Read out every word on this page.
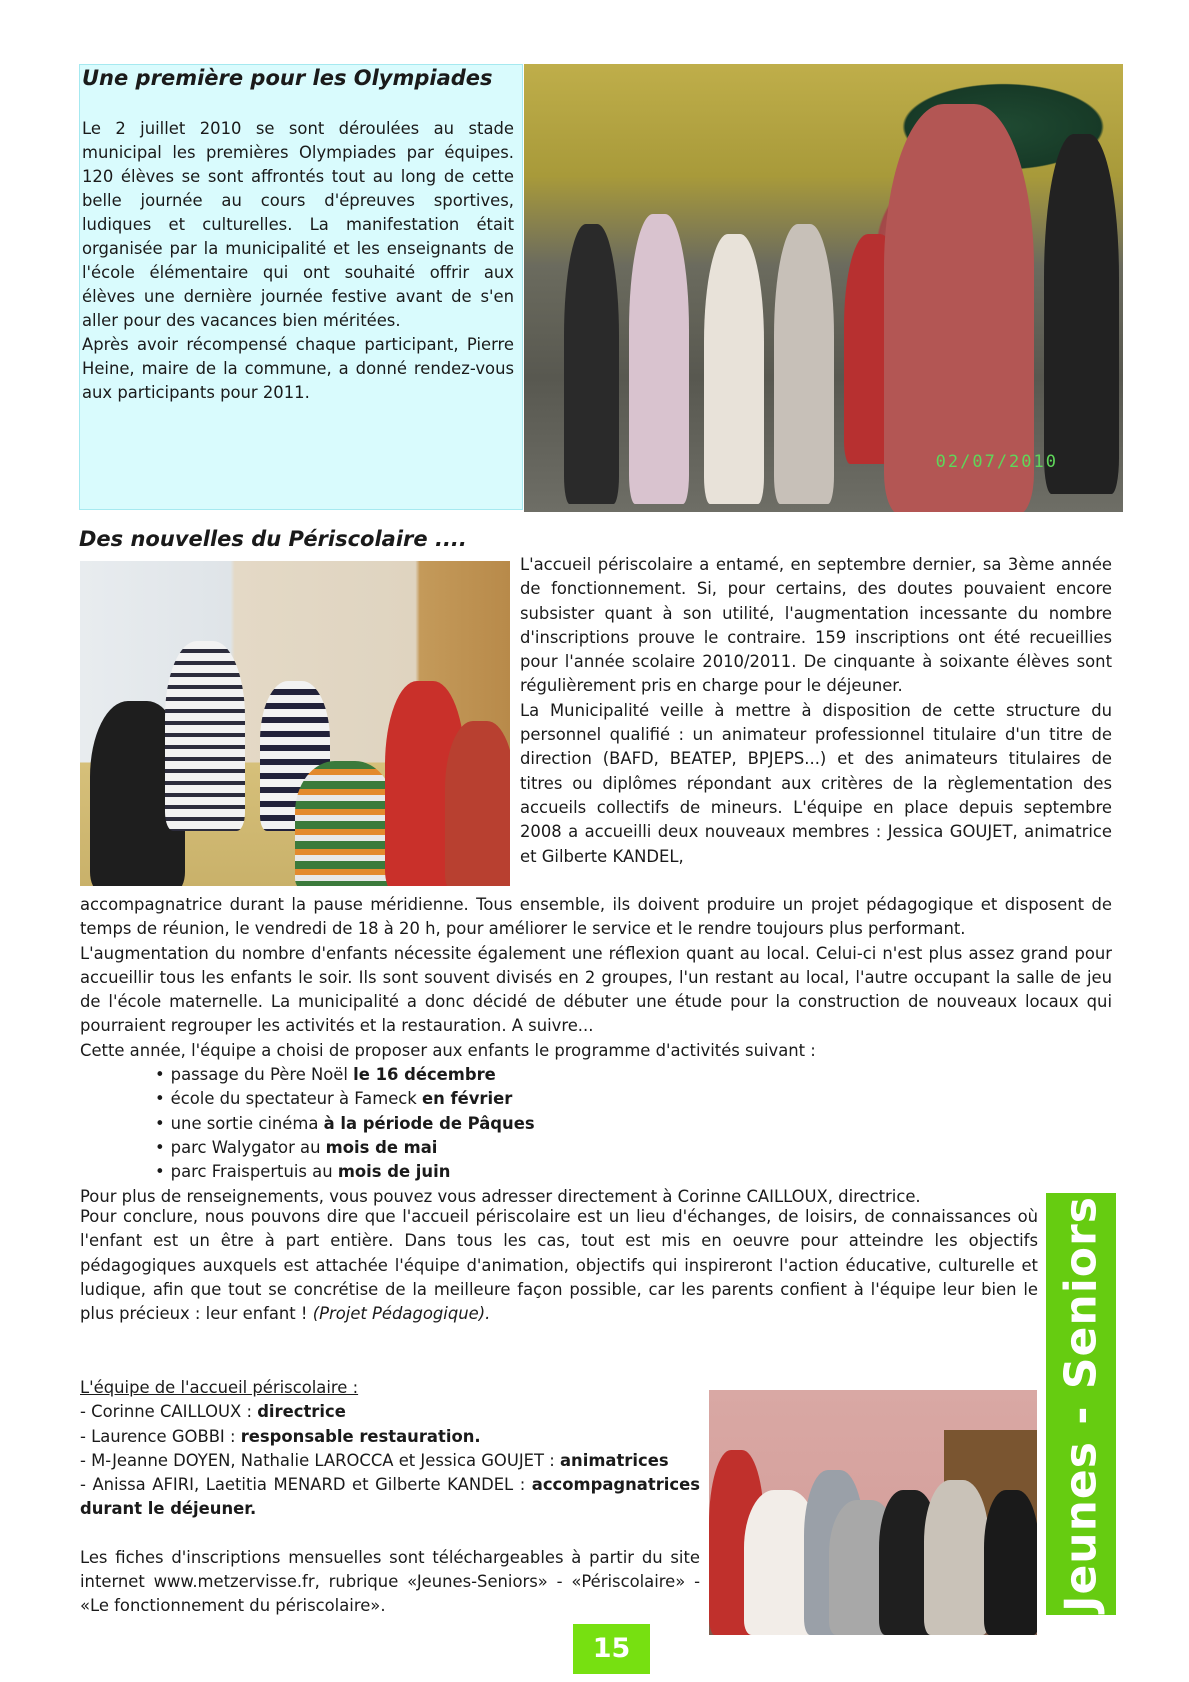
Une première pour les Olympiades

Le 2 juillet 2010 se sont déroulées au stade municipal les premières Olympiades par équipes. 120 élèves se sont affrontés tout au long de cette belle journée au cours d'épreuves sportives, ludiques et culturelles. La manifestation était organisée par la municipalité et les enseignants de l'école élémentaire qui ont souhaité offrir aux élèves une dernière journée festive avant de s'en aller pour des vacances bien méritées.

Après avoir récompensé chaque participant, Pierre Heine, maire de la commune, a donné rendez-vous aux participants pour 2011.

02/07/2010
Des nouvelles du Périscolaire ....

L'accueil périscolaire a entamé, en septembre dernier, sa 3ème année de fonctionnement. Si, pour certains, des doutes pouvaient encore subsister quant à son utilité, l'augmentation incessante du nombre d'inscriptions prouve le contraire. 159 inscriptions ont été recueillies pour l'année scolaire 2010/2011. De cinquante à soixante élèves sont régulièrement pris en charge pour le déjeuner.

La Municipalité veille à mettre à disposition de cette structure du personnel qualifié : un animateur professionnel titulaire d'un titre de direction (BAFD, BEATEP, BPJEPS...) et des animateurs titulaires de titres ou diplômes répondant aux critères de la règlementation des accueils collectifs de mineurs. L'équipe en place depuis septembre 2008 a accueilli deux nouveaux membres : Jessica GOUJET, animatrice et Gilberte KANDEL,

accompagnatrice durant la pause méridienne. Tous ensemble, ils doivent produire un projet pédagogique et disposent de temps de réunion, le vendredi de 18 à 20 h, pour améliorer le service et le rendre toujours plus performant.

L'augmentation du nombre d'enfants nécessite également une réflexion quant au local. Celui-ci n'est plus assez grand pour accueillir tous les enfants le soir. Ils sont souvent divisés en 2 groupes, l'un restant au local, l'autre occupant la salle de jeu de l'école maternelle. La municipalité a donc décidé de débuter une étude pour la construction de nouveaux locaux qui pourraient regrouper les activités et la restauration. A suivre...

Cette année, l'équipe a choisi de proposer aux enfants le programme d'activités suivant :

• passage du Père Noël le 16 décembre
• école du spectateur à Fameck en février
• une sortie cinéma à la période de Pâques
• parc Walygator au mois de mai
• parc Fraispertuis au mois de juin

Pour plus de renseignements, vous pouvez vous adresser directement à Corinne CAILLOUX, directrice.

Pour conclure, nous pouvons dire que l'accueil périscolaire est un lieu d'échanges, de loisirs, de connaissances où l'enfant est un être à part entière. Dans tous les cas, tout est mis en oeuvre pour atteindre les objectifs pédagogiques auxquels est attachée l'équipe d'animation, objectifs qui inspireront l'action éducative, culturelle et ludique, afin que tout se concrétise de la meilleure façon possible, car les parents confient à l'équipe leur bien le plus précieux : leur enfant ! (Projet Pédagogique).

L'équipe de l'accueil périscolaire :

- Corinne CAILLOUX : directrice

- Laurence GOBBI : responsable restauration.

- M-Jeanne DOYEN, Nathalie LAROCCA et Jessica GOUJET : animatrices

- Anissa AFIRI, Laetitia MENARD et Gilberte KANDEL : accompagnatrices durant le déjeuner.

Les fiches d'inscriptions mensuelles sont téléchargeables à partir du site internet www.metzervisse.fr, rubrique «Jeunes-Seniors» - «Périscolaire» - «Le fonctionnement du périscolaire».	Jeunes - Seniors
15
